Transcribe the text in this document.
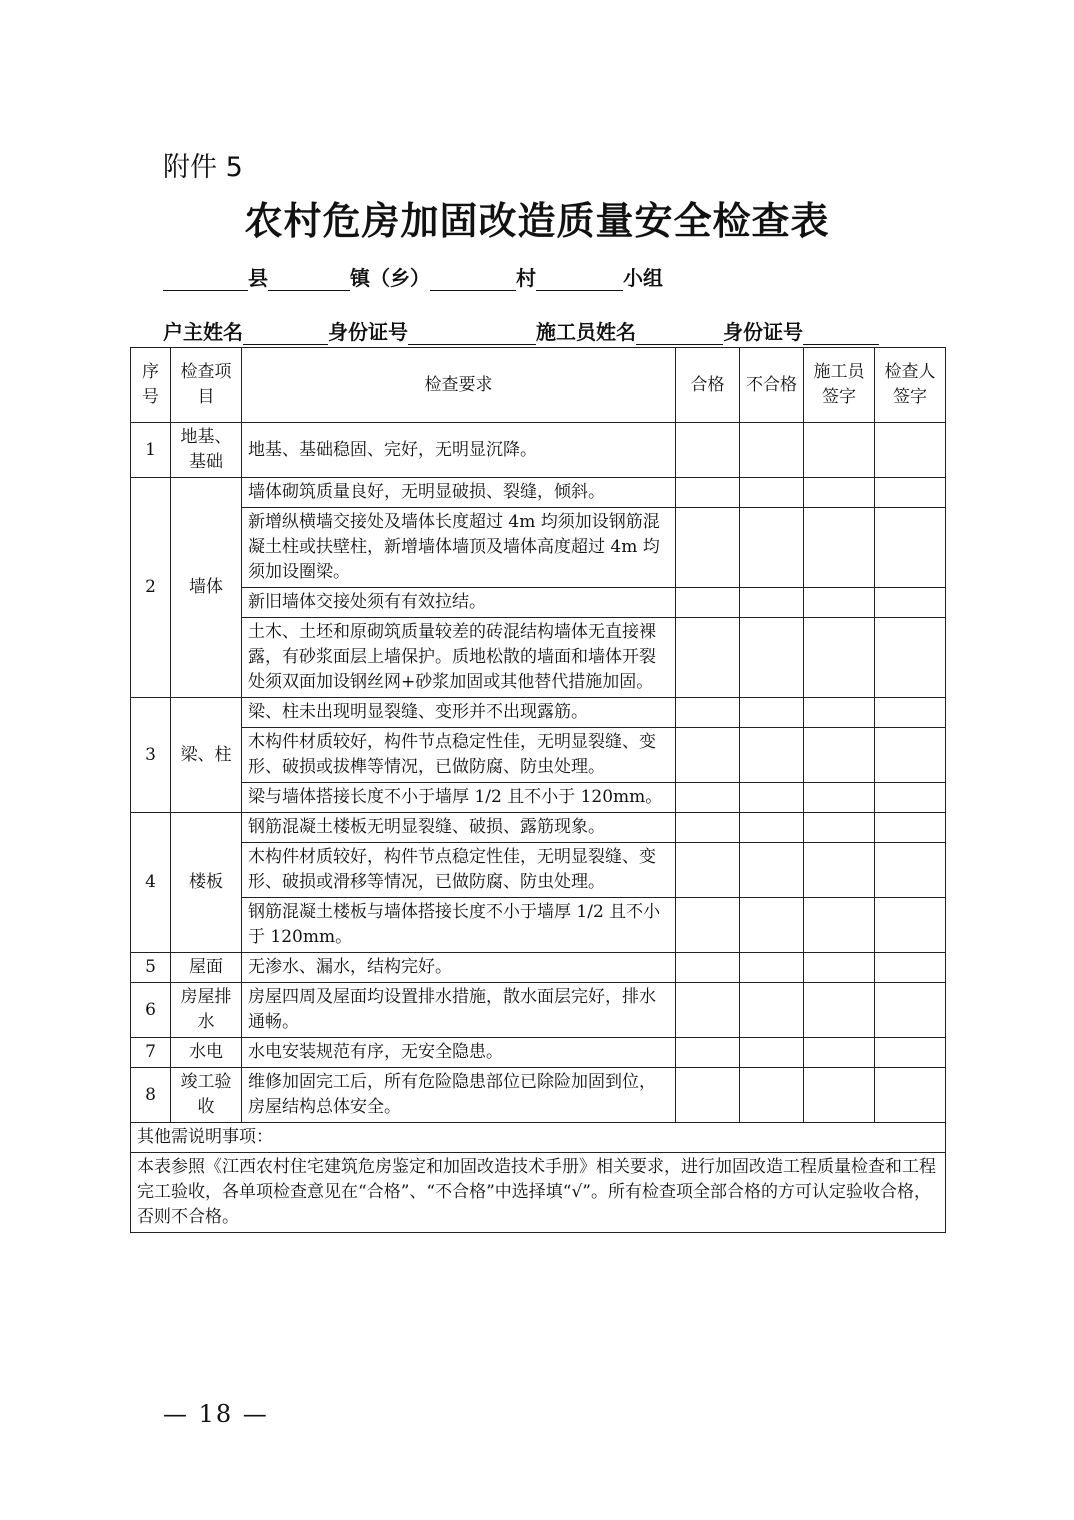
附件 5
农村危房加固改造质量安全检查表
县	镇（乡）	村	小组
户主姓名	身份证号	施工员姓名	身份证号
序号	检查项目	检查要求	合格	不合格	施工员签字	检查人签字
1	地基、基础	地基、基础稳固、完好，无明显沉降。				
2	墙体	墙体砌筑质量良好，无明显破损、裂缝，倾斜。				
		新增纵横墙交接处及墙体长度超过 4m 均须加设钢筋混凝土柱或扶壁柱，新增墙体墙顶及墙体高度超过 4m 均须加设圈梁。				
		新旧墙体交接处须有有效拉结。				
		土木、土坯和原砌筑质量较差的砖混结构墙体无直接裸露，有砂浆面层上墙保护。质地松散的墙面和墙体开裂处须双面加设钢丝网+砂浆加固或其他替代措施加固。				
3	梁、柱	梁、柱未出现明显裂缝、变形并不出现露筋。				
		木构件材质较好，构件节点稳定性佳，无明显裂缝、变形、破损或拔榫等情况，已做防腐、防虫处理。				
		梁与墙体搭接长度不小于墙厚 1/2 且不小于 120mm。				
4	楼板	钢筋混凝土楼板无明显裂缝、破损、露筋现象。				
		木构件材质较好，构件节点稳定性佳，无明显裂缝、变形、破损或滑移等情况，已做防腐、防虫处理。				
		钢筋混凝土楼板与墙体搭接长度不小于墙厚 1/2 且不小于 120mm。				
5	屋面	无渗水、漏水，结构完好。				
6	房屋排水	房屋四周及屋面均设置排水措施，散水面层完好，排水通畅。				
7	水电	水电安装规范有序，无安全隐患。				
8	竣工验收	维修加固完工后，所有危险隐患部位已除险加固到位，房屋结构总体安全。				
其他需说明事项：						
本表参照《江西农村住宅建筑危房鉴定和加固改造技术手册》相关要求，进行加固改造工程质量检查和工程完工验收，各单项检查意见在“合格”、“不合格”中选择填“√”。所有检查项全部合格的方可认定验收合格，否则不合格。						
— 18 —
